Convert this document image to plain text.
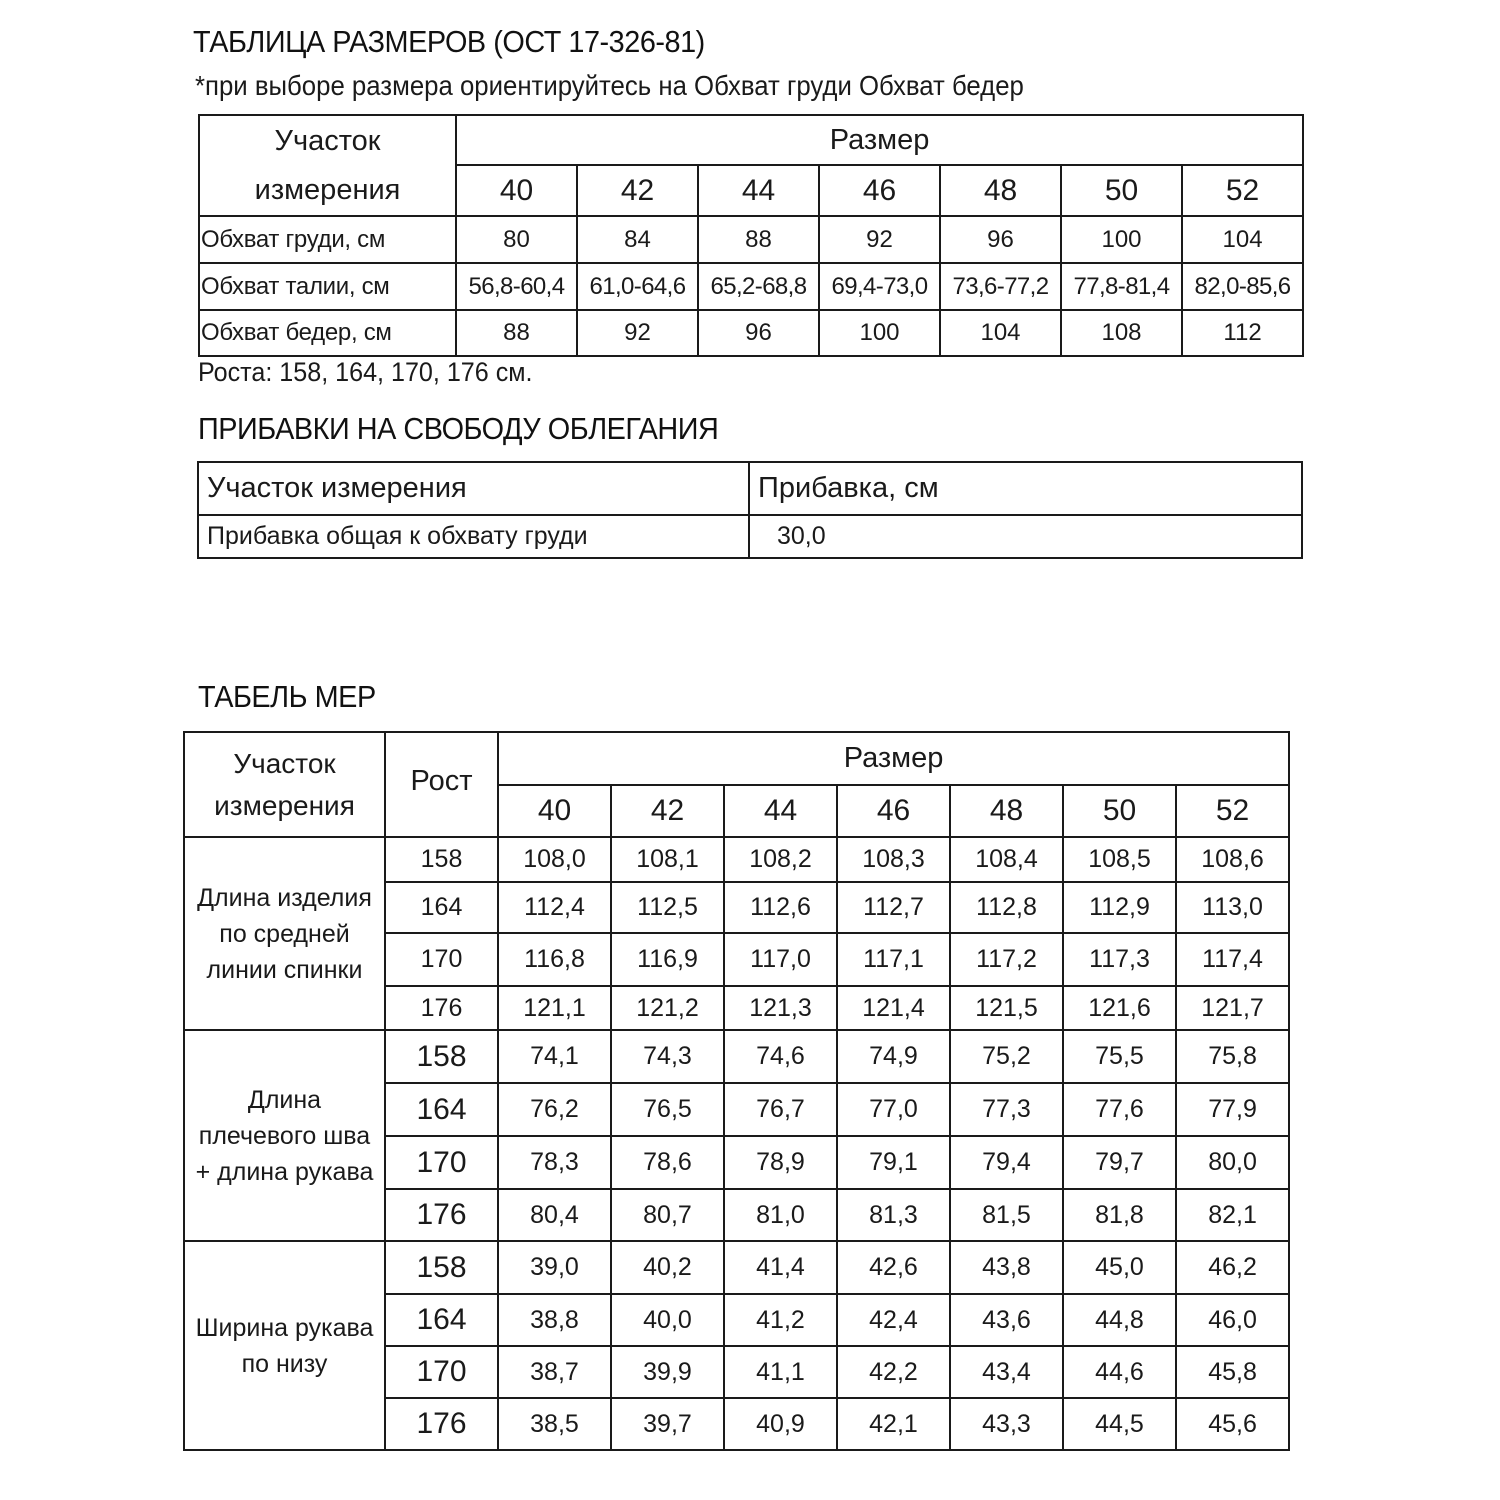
ТАБЛИЦА РАЗМЕРОВ (ОСТ 17-326-81)
*при выборе размера ориентируйтесь на Обхват груди Обхват бедер
Участок
измерения	Размер						
	40	42	44	46	48	50	52
Обхват груди, см	80	84	88	92	96	100	104
Обхват талии, см	56,8-60,4	61,0-64,6	65,2-68,8	69,4-73,0	73,6-77,2	77,8-81,4	82,0-85,6
Обхват бедер, см	88	92	96	100	104	108	112
Роста: 158, 164, 170, 176 см.
ПРИБАВКИ НА СВОБОДУ ОБЛЕГАНИЯ
Участок измерения	Прибавка, см
Прибавка общая к обхвату груди	30,0
ТАБЕЛЬ МЕР
Участок
измерения	Рост	Размер						
		40	42	44	46	48	50	52

Длина изделия
по средней
линии спинки	158	108,0	108,1	108,2	108,3	108,4	108,5	108,6
	164	112,4	112,5	112,6	112,7	112,8	112,9	113,0
	170	116,8	116,9	117,0	117,1	117,2	117,3	117,4
	176	121,1	121,2	121,3	121,4	121,5	121,6	121,7

Длина
плечевого шва
+ длина рукава	158	74,1	74,3	74,6	74,9	75,2	75,5	75,8
	164	76,2	76,5	76,7	77,0	77,3	77,6	77,9
	170	78,3	78,6	78,9	79,1	79,4	79,7	80,0
	176	80,4	80,7	81,0	81,3	81,5	81,8	82,1

Ширина рукава
по низу	158	39,0	40,2	41,4	42,6	43,8	45,0	46,2
	164	38,8	40,0	41,2	42,4	43,6	44,8	46,0
	170	38,7	39,9	41,1	42,2	43,4	44,6	45,8
	176	38,5	39,7	40,9	42,1	43,3	44,5	45,6
